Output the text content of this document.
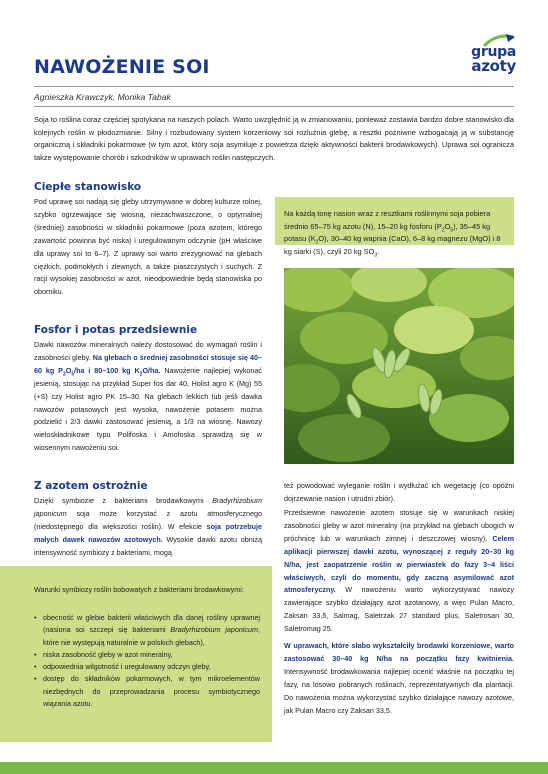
NAWOŻENIE SOI
grupa
azoty
Agnieszka Krawczyk, Monika Tabak

Soja to roślina coraz częściej spotykana na naszych polach. Warto uwzględnić ją w zmianowaniu, ponieważ zostawia bardzo dobre stanowisko dla kolejnych roślin w płodozmianie. Silny i rozbudowany system korzeniowy soi rozluźnia glebę, a resztki pożniwne wzbogacają ją w substancję organiczną i składniki pokarmowe (w tym azot, który soja asymiluje z powietrza dzięki aktywności bakterii brodawkowych). Uprawa soi ogranicza także występowanie chorób i szkodników w uprawach roślin następczych.

Ciepłe stanowisko

Pod uprawę soi nadają się gleby utrzymywane w dobrej kulturze rolnej, szybko ogrzewające się wiosną, niezachwaszczone, o optymalnej (średniej) zasobności w składniki pokarmowe (poza azotem, którego zawartość powinna być niska) i uregulowanym odczynie (pH właściwe dla uprawy soi to 6–7). Z uprawy soi warto zrezygnować na glebach ciężkich, podmokłych i zlewnych, a także piaszczystych i suchych. Z racji wysokiej zasobności w azot, nieodpowiednie będą stanowiska po oborniku.

Fosfor i potas przedsiewnie

Dawki nawozów mineralnych należy dostosować do wymagań roślin i zasobności gleby. Na glebach o średniej zasobności stosuje się 40–60 kg $P_2O_5/ha$ i 80–100 kg $K_2O/ha$. Nawożenie najlepiej wykonać jesienią, stosując na przykład Super fos dar 40, Holist agro K (Mg) 55 (+S) czy Holist agro PK 15–30. Na glebach lekkich lub jeśli dawka nawozów potasowych jest wysoka, nawożenie potasem można podzielić i 2/3 dawki zastosować jesienią, a 1/3 na wiosnę. Nawozy wieloskładnikowe typu Polifoska i Amofoska sprawdzą się w wiosennym nawożeniu soi.

Z azotem ostrożnie

Dzięki symbiozie z bakteriami brodawkowymi Bradyrhizobium japonicum soja może korzystać z azotu atmosferycznego (niedostępnego dla większości roślin). W efekcie soja potrzebuje małych dawek nawozów azotowych. Wysokie dawki azotu obniżą intensywność symbiozy z bakteriami, mogą

Na każdą tonę nasion wraz z resztkami roślinnymi soja pobiera średnio 65–75 kg azotu (N), 15–20 kg fosforu $(P_2O_5)$, 35–45 kg potasu $(K_2O)$, 30–40 kg wapnia (CaO), 6–8 kg magnezu (MgO) i 8 kg siarki (S), czyli 20 kg $SO_3$.

też powodować wyleganie roślin i wydłużać ich wegetację (co opóźni dojrzewanie nasion i utrudni zbiór).

Przedsiewne nawożenie azotem stosuje się w warunkach niskiej zasobności gleby w azot mineralny (na przykład na glebach ubogich w próchnicę lub w warunkach zimnej i deszczowej wiosny). Celem aplikacji pierwszej dawki azotu, wynoszącej z reguły 20–30 kg N/ha, jest zaopatrzenie roślin w pierwiastek do fazy 3–4 liści właściwych, czyli do momentu, gdy zaczną asymilować azot atmosferyczny. W nawożeniu warto wykorzystywać nawozy zawierające szybko działający azot azotanowy, a więc Pulan Macro, Zaksan 33,5, Salmag, Saletrzak 27 standard plus, Saletrosan 30, Saletromag 25.

W uprawach, które słabo wykształciły brodawki korzeniowe, warto zastosować 30–40 kg N/ha na początku fazy kwitnienia. Intensywność brodawkowania najlepiej ocenić właśnie na początku tej fazy, na losowo pobranych roślinach, reprezentatywnych dla plantacji. Do nawożenia można wykorzystać szybko działające nawozy azotowe, jak Pulan Macro czy Zaksan 33,5.

Warunki symbiozy roślin bobowatych z bakteriami brodawkowymi:

• obecność w glebie bakterii właściwych dla danej rośliny uprawnej (nasiona soi szczepi się bakteriami Bradyrhizobium japonicum, które nie występują naturalnie w polskich glebach),
• niska zasobność gleby w azot mineralny,
• odpowiednia wilgotność i uregulowany odczyn gleby,
• dostęp do składników pokarmowych, w tym mikroelementów niezbędnych do przeprowadzania procesu symbiotycznego wiązania azotu.
